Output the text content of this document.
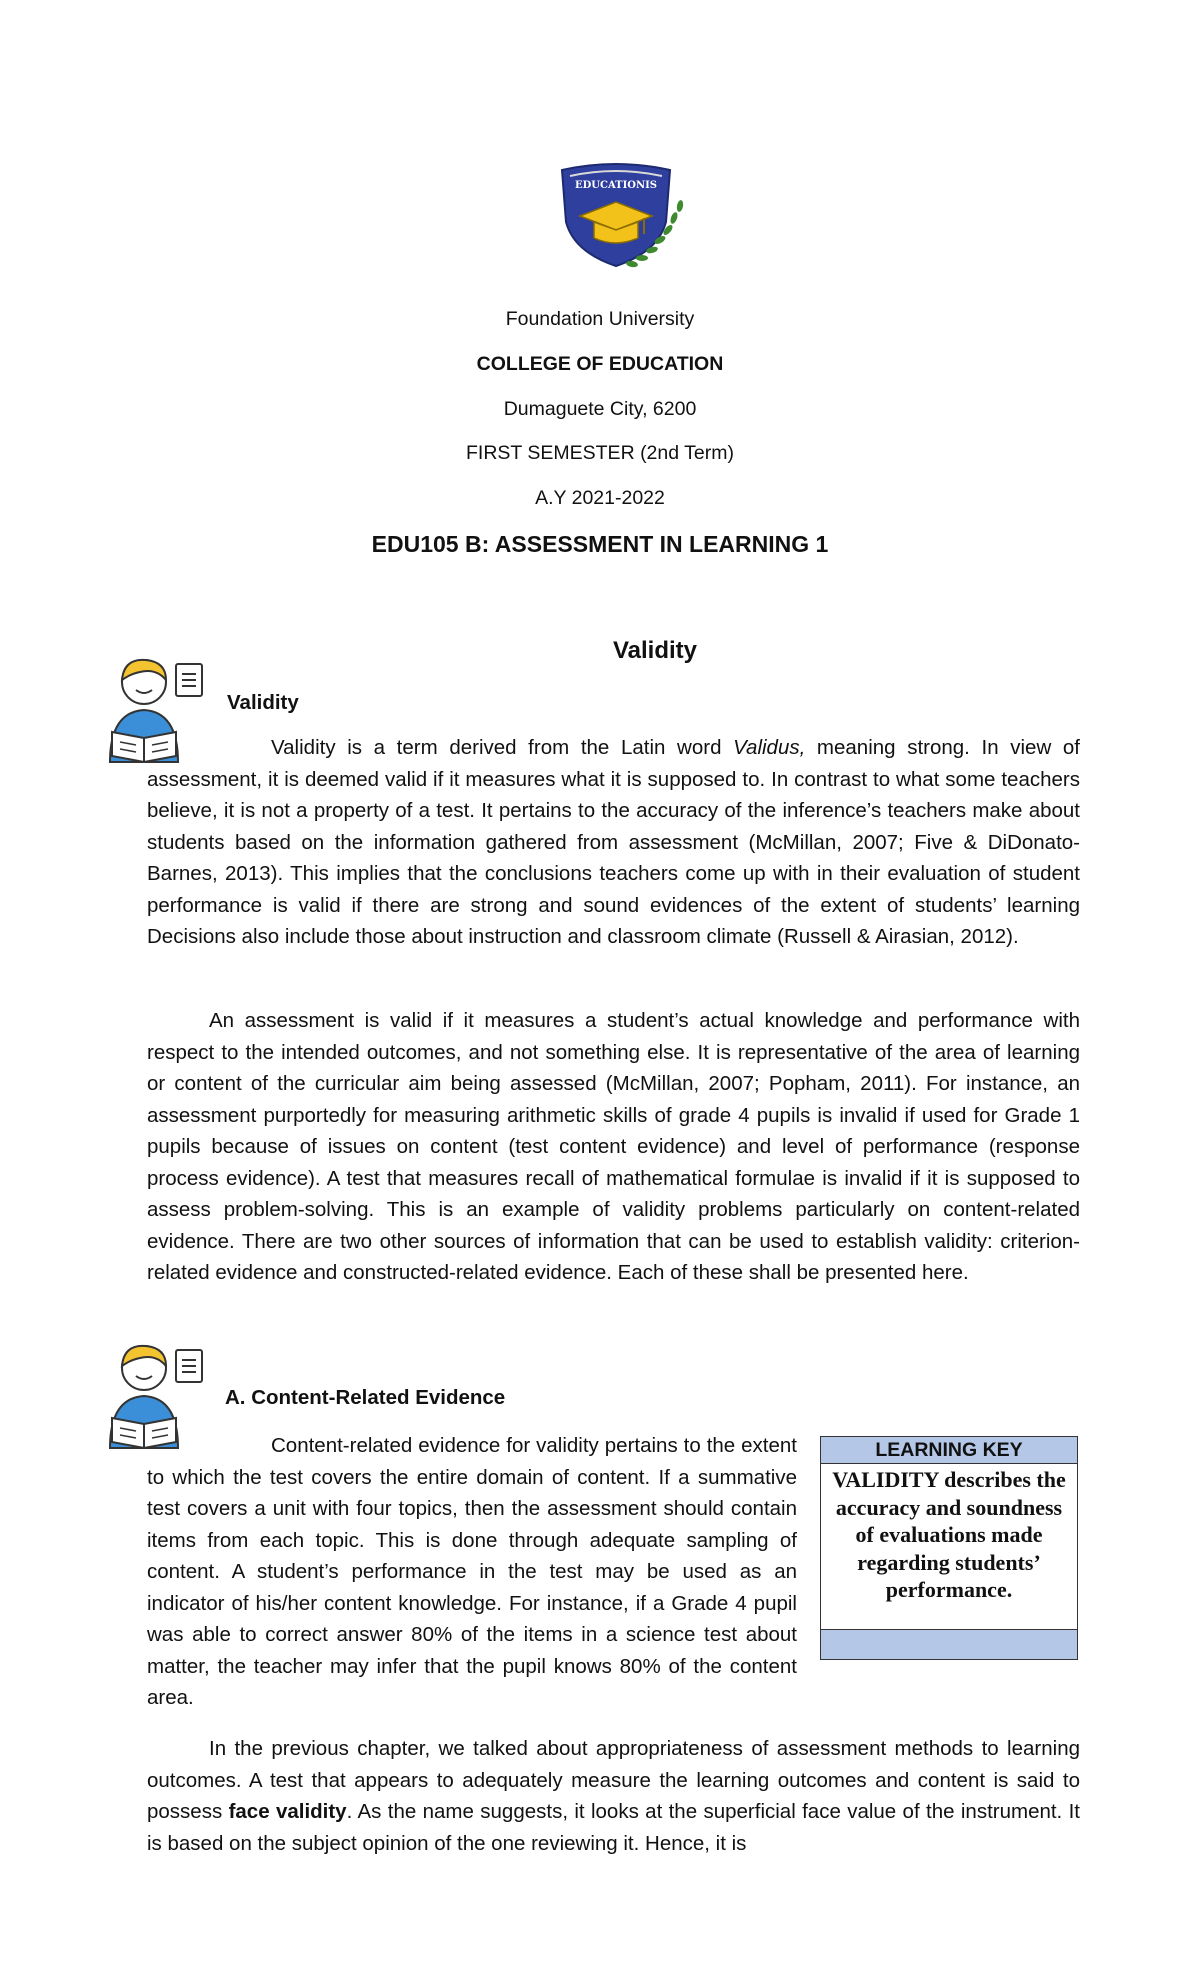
EDUCATIONIS
Foundation University
COLLEGE OF EDUCATION
Dumaguete City, 6200
FIRST SEMESTER (2nd Term)
A.Y 2021-2022
EDU105 B: ASSESSMENT IN LEARNING 1
Validity
Validity

Validity is a term derived from the Latin word Validus, meaning strong. In view of assessment, it is deemed valid if it measures what it is supposed to. In contrast to what some teachers believe, it is not a property of a test. It pertains to the accuracy of the inference’s teachers make about students based on the information gathered from assessment (McMillan, 2007; Five & DiDonato-Barnes, 2013). This implies that the conclusions teachers come up with in their evaluation of student performance is valid if there are strong and sound evidences of the extent of students’ learning Decisions also include those about instruction and classroom climate (Russell & Airasian, 2012).

An assessment is valid if it measures a student’s actual knowledge and performance with respect to the intended outcomes, and not something else. It is representative of the area of learning or content of the curricular aim being assessed (McMillan, 2007; Popham, 2011). For instance, an assessment purportedly for measuring arithmetic skills of grade 4 pupils is invalid if used for Grade 1 pupils because of issues on content (test content evidence) and level of performance (response process evidence). A test that measures recall of mathematical formulae is invalid if it is supposed to assess problem-solving. This is an example of validity problems particularly on content-related evidence. There are two other sources of information that can be used to establish validity: criterion-related evidence and constructed-related evidence. Each of these shall be presented here.

A. Content-Related Evidence

Content-related evidence for validity pertains to the extent to which the test covers the entire domain of content. If a summative test covers a unit with four topics, then the assessment should contain items from each topic. This is done through adequate sampling of content. A student’s performance in the test may be used as an indicator of his/her content knowledge. For instance, if a Grade 4 pupil was able to correct answer 80% of the items in a science test about matter, the teacher may infer that the pupil knows 80% of the content area.

LEARNING KEY
VALIDITY describes the accuracy and soundness of evaluations made regarding students’ performance.

In the previous chapter, we talked about appropriateness of assessment methods to learning outcomes. A test that appears to adequately measure the learning outcomes and content is said to possess face validity. As the name suggests, it looks at the superficial face value of the instrument. It is based on the subject opinion of the one reviewing it. Hence, it is
